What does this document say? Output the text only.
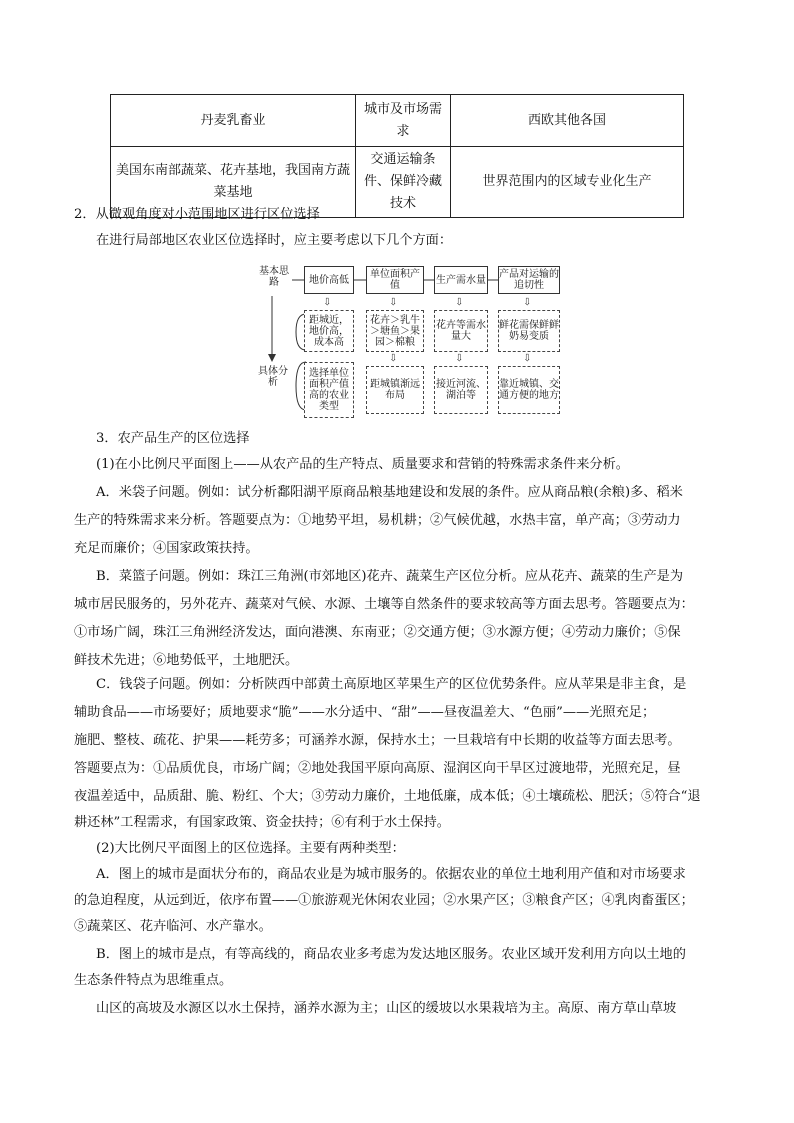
丹麦乳畜业	城市及市场需求	西欧其他各国
美国东南部蔬菜、花卉基地，我国南方蔬菜基地	交通运输条件、保鲜冷藏技术	世界范围内的区域专业化生产
2．从微观角度对小范围地区进行区位选择
在进行局部地区农业区位选择时，应主要考虑以下几个方面：
基本思路
具体分析
地价高低	单位面积产值	生产需水量 产品对运输的追切性
⇩	⇩	⇩	⇩
距城近，地价高，成本高
花卉＞乳牛＞塘鱼＞果园＞棉粮
花卉等需水量大
鲜花需保鲜鲜奶易变质
⇩	⇩	⇩
选择单位面积产值高的农业类型
距城镇渐远布局
接近河流、湖泊等
靠近城镇、交通方便的地方
3．农产品生产的区位选择
(1)在小比例尺平面图上——从农产品的生产特点、质量要求和营销的特殊需求条件来分析。
A．米袋子问题。例如：试分析鄱阳湖平原商品粮基地建设和发展的条件。应从商品粮(余粮)多、稻米
生产的特殊需求来分析。答题要点为：①地势平坦，易机耕；②气候优越，水热丰富，单产高；③劳动力
充足而廉价；④国家政策扶持。
B．菜篮子问题。例如：珠江三角洲(市郊地区)花卉、蔬菜生产区位分析。应从花卉、蔬菜的生产是为
城市居民服务的，另外花卉、蔬菜对气候、水源、土壤等自然条件的要求较高等方面去思考。答题要点为：
①市场广阔，珠江三角洲经济发达，面向港澳、东南亚；②交通方便；③水源方便；④劳动力廉价；⑤保
鲜技术先进；⑥地势低平，土地肥沃。
C．钱袋子问题。例如：分析陕西中部黄土高原地区苹果生产的区位优势条件。应从苹果是非主食，是
辅助食品——市场要好；质地要求“脆”——水分适中、“甜”——昼夜温差大、“色丽”——光照充足；
施肥、整枝、疏花、护果——耗劳多；可涵养水源，保持水土；一旦栽培有中长期的收益等方面去思考。
答题要点为：①品质优良，市场广阔；②地处我国平原向高原、湿润区向干旱区过渡地带，光照充足，昼
夜温差适中，品质甜、脆、粉红、个大；③劳动力廉价，土地低廉，成本低；④土壤疏松、肥沃；⑤符合“退
耕还林”工程需求，有国家政策、资金扶持；⑥有利于水土保持。
(2)大比例尺平面图上的区位选择。主要有两种类型：
A．图上的城市是面状分布的，商品农业是为城市服务的。依据农业的单位土地利用产值和对市场要求
的急迫程度，从远到近，依序布置——①旅游观光休闲农业园；②水果产区；③粮食产区；④乳肉畜蛋区；
⑤蔬菜区、花卉临河、水产靠水。
B．图上的城市是点，有等高线的，商品农业多考虑为发达地区服务。农业区域开发利用方向以土地的
生态条件特点为思维重点。
山区的高坡及水源区以水土保持，涵养水源为主；山区的缓坡以水果栽培为主。高原、南方草山草坡
